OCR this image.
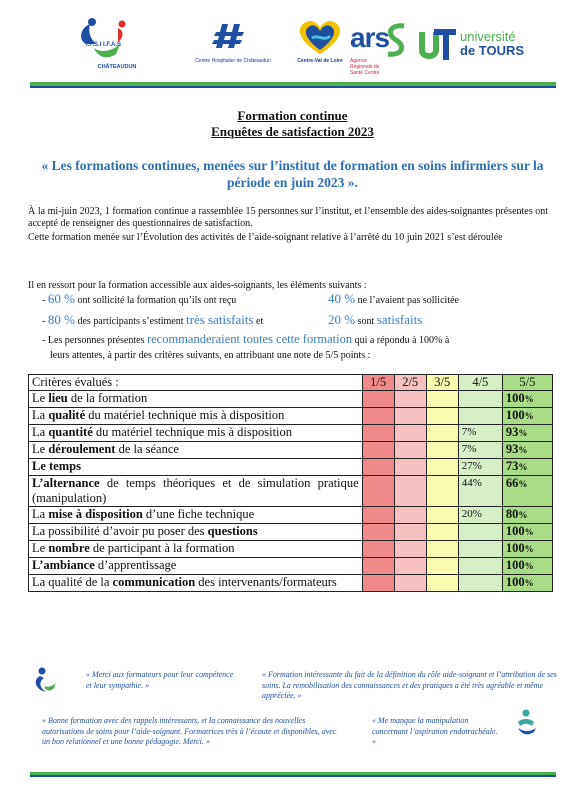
I.F.S.I I.F.A.S
CHÂTEAUDUN
Centre Hospitalier de Châteaudun	Centre-Val de Loire
ars
Agence Régionale de Santé Centre
université
de TOURS
Formation continue
Enquêtes de satisfaction 2023
« Les formations continues, menées sur l’institut de formation en soins infirmiers sur la période en juin 2023 ».
À la mi-juin 2023, 1 formation continue a rassemblée 15 personnes sur l’institut, et l’ensemble des aides-soignantes présentes ont accepté de renseigner des questionnaires de satisfaction.
Cette formation menée sur l’Évolution des activités de l’aide-soignant relative à l’arrêté du 10 juin 2021 s’est déroulée
Il en ressort pour la formation accessible aux aides-soignants, les éléments suivants :
- 60 % ont sollicité la formation qu’ils ont reçu	40 % ne l’avaient pas sollicitée
- 80 % des participants s’estiment très satisfaits et	20 % sont satisfaits
- Les personnes présentes recommanderaient toutes cette formation qui a répondu à 100% à
leurs attentes, à partir des critères suivants, en attribuant une note de 5/5 points :
Critères évalués :	1/5	2/5	3/5	4/5	5/5
Le lieu de la formation					100%
La qualité du matériel technique mis à disposition					100%
La quantité du matériel technique mis à disposition				7%	93%
Le déroulement de la séance				7%	93%
Le temps				27%	73%
L’alternance de temps théoriques et de simulation pratique (manipulation)				44%	66%
La mise à disposition d’une fiche technique				20%	80%
La possibilité d’avoir pu poser des questions					100%
Le nombre de participant à la formation					100%
L’ambiance d’apprentissage					100%
La qualité de la communication des intervenants/formateurs					100%
« Merci aux formateurs pour leur compétence et leur sympathie. »
« Formation intéressante du fait de la définition du rôle aide-soignant et l’attribution de ses soins. La remobilisation des connaissances et des pratiques a été très agréable et même appréciée. »
« Bonne formation avec des rappels intéressants, et la connaissance des nouvelles autorisations de soins pour l’aide-soignant. Formatrices très à l’écoute et disponibles, avec un bon relationnel et une bonne pédagogie. Merci. »
« Me manque la manipulation concernant l’aspiration endotrachéale. »
